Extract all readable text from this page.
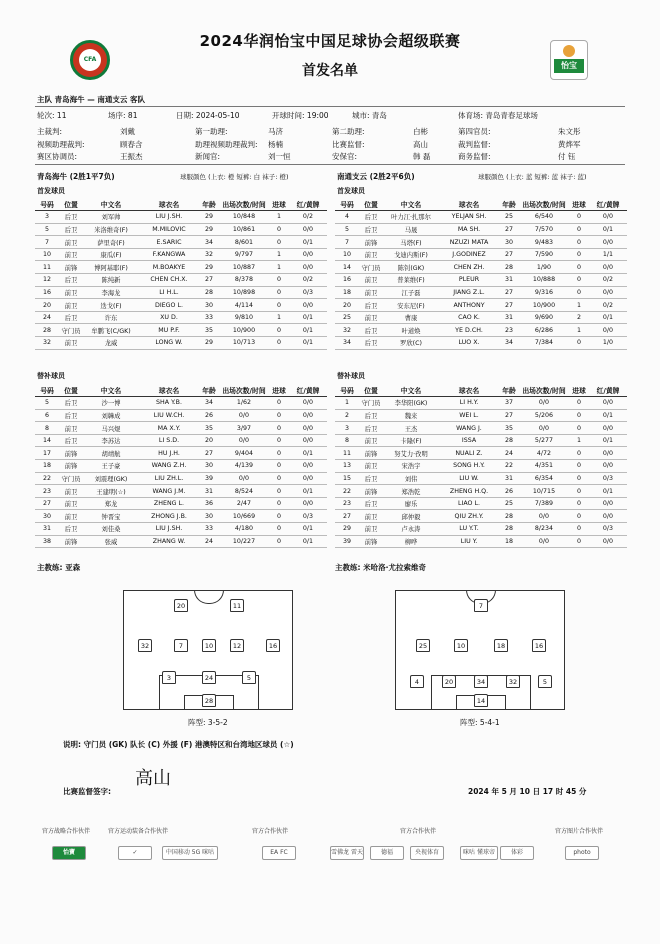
CFA
怡宝
2024华润怡宝中国足球协会超级联赛
首发名单
主队 青岛海牛 — 南通支云 客队
轮次: 11	场序: 81	日期: 2024-05-10	开球时间: 19:00	城市: 青岛	体育场: 青岛青春足球场
主裁判:	刘戴	第一助理:	马济	第二助理:	白彬	第四官员:	朱文彤
视频助理裁判:	顾春含	助理视频助理裁判: 杨楠	比赛监督:	高山	裁判监督:	黄烨军
赛区协调员:	王振杰	新闻官:	刘一恒	安保官:	韩 磊	商务监督:	付 钰
青岛海牛 (2胜1平7负)	球服颜色 (上衣: 橙 短裤: 白 袜子: 橙)
首发球员
南通支云 (2胜2平6负)	球服颜色 (上衣: 蓝 短裤: 蓝 袜子: 蓝)
首发球员
号码	位置	中文名	球衣名	年龄	出场次数/时间	进球	红/黄牌
3	后卫	刘军帅	LIU J.SH.	29	10/848	1	0/2
5	后卫	米洛维奇(F)	M.MILOVIC	29	10/861	0	0/0
7	前卫	萨里奇(F)	E.SARIC	34	8/601	0	0/1
10	前卫	康瓜(F)	F.KANGWA	32	9/797	1	0/0
11	前锋	博阿基耶(F)	M.BOAKYE	29	10/887	1	0/0
12	后卫	陈纯新	CHEN CH.X.	27	8/378	0	0/2
16	前卫	李海龙	LI H.L.	28	10/898	0	0/3
20	前卫	迭戈(F)	DIEGO L.	30	4/114	0	0/0
24	后卫	许东	XU D.	33	9/810	1	0/1
28	守门员	牟鹏飞(C/GK)	MU P.F.	35	10/900	0	0/1
32	前卫	龙威	LONG W.	29	10/713	0	0/1
号码	位置	中文名	球衣名	年龄	出场次数/时间	进球	红/黄牌
4	后卫	叶力江·扎那尔	YELJAN SH.	25	6/540	0	0/0
5	后卫	马晟	MA SH.	27	7/570	0	0/1
7	前锋	马塔(F)	NZUZI MATA	30	9/483	0	0/0
10	前卫	戈迪内斯(F)	J.GODINEZ	27	7/590	0	1/1
14	守门员	陈钊(GK)	CHEN ZH.	28	1/90	0	0/0
16	前卫	普莱维(F)	PLEUR	31	10/888	0	0/2
18	前卫	江子磊	JIANG Z.L.	27	9/316	0	0/0
20	后卫	安东尼(F)	ANTHONY	27	10/900	1	0/2
25	前卫	曹康	CAO K.	31	9/690	2	0/1
32	后卫	叶道焕	YE D.CH.	23	6/286	1	0/0
34	后卫	罗欣(C)	LUO X.	34	7/384	0	1/0
替补球员	替补球员
号码	位置	中文名	球衣名	年龄	出场次数/时间	进球	红/黄牌
5	后卫	沙一博	SHA Y.B.	34	1/62	0	0/0
6	后卫	刘韡成	LIU W.CH.	26	0/0	0	0/0
8	前卫	马兴煜	MA X.Y.	35	3/97	0	0/0
14	后卫	李苏达	LI S.D.	20	0/0	0	0/0
17	前锋	胡靖航	HU J.H.	27	9/404	0	0/1
18	前锋	王子豪	WANG Z.H.	30	4/139	0	0/0
22	守门员	刘震理(GK)	LIU ZH.L.	39	0/0	0	0/0
23	前卫	王建明(☆)	WANG J.M.	31	8/524	0	0/1
27	前卫	郑龙	ZHENG L.	36	2/47	0	0/0
30	前卫	钟晋宝	ZHONG J.B.	30	10/669	0	0/3
31	后卫	刘佳桑	LIU J.SH.	33	4/180	0	0/1
38	前锋	张威	ZHANG W.	24	10/227	0	0/1
号码	位置	中文名	球衣名	年龄	出场次数/时间	进球	红/黄牌
1	守门员	李华阳(GK)	LI H.Y.	37	0/0	0	0/0
2	后卫	魏来	WEI L.	27	5/206	0	0/1
3	后卫	王杰	WANG J.	35	0/0	0	0/0
8	前卫	卡隆(F)	ISSA	28	5/277	1	0/1
11	前锋	努艾力·孜明	NUALI Z.	24	4/72	0	0/0
13	前卫	宋浩宇	SONG H.Y.	22	4/351	0	0/0
15	后卫	刘伟	LIU W.	31	6/354	0	0/3
22	前锋	郑浩乾	ZHENG H.Q.	26	10/715	0	0/1
23	后卫	廖乐	LIAO L.	25	7/389	0	0/0
27	前卫	邱仲毅	QIU ZH.Y.	28	0/0	0	0/0
29	前卫	卢永涛	LU Y.T.	28	8/234	0	0/3
39	前锋	柳哗	LIU Y.	18	0/0	0	0/0
主教练: 亚森	主教练: 米哈洛·尤拉索维奇
28
3	24	5
32	7	10	12	16
20	11
14
4	20	34	32	5
25	10	18	16
7
阵型: 3-5-2	阵型: 5-4-1
说明: 守门员 (GK) 队长 (C) 外援 (F) 港澳特区和台湾地区球员 (☆)
比赛监督签字:
高山
2024 年 5 月 10 日 17 时 45 分
官方战略合作伙伴
怡寶
官方运动装备合作伙伴
✓	中国移动 5G 咪咕
官方合作伙伴
EA FC	雪佛龙 雷天	德福
官方合作伙伴
央视体育	咪咕 懂球帝	体彩
官方图片合作伙伴
photo
